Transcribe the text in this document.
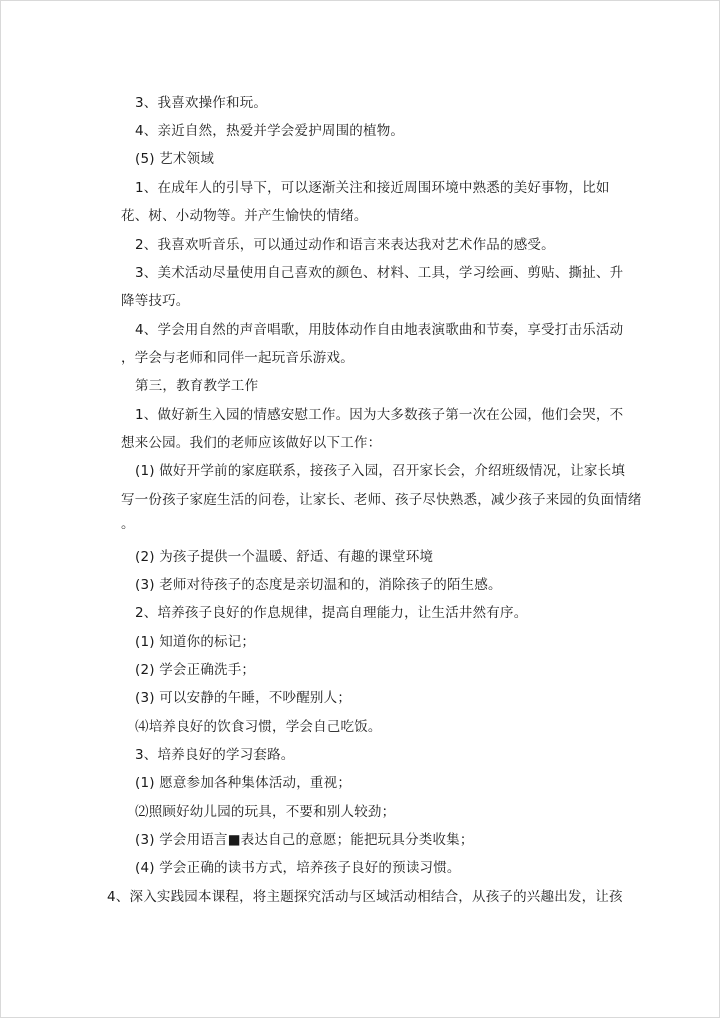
3、我喜欢操作和玩。
4、亲近自然，热爱并学会爱护周围的植物。
(5) 艺术领域
1、在成年人的引导下，可以逐渐关注和接近周围环境中熟悉的美好事物，比如
花、树、小动物等。并产生愉快的情绪。
2、我喜欢听音乐，可以通过动作和语言来表达我对艺术作品的感受。
3、美术活动尽量使用自己喜欢的颜色、材料、工具，学习绘画、剪贴、撕扯、升
降等技巧。
4、学会用自然的声音唱歌，用肢体动作自由地表演歌曲和节奏，享受打击乐活动
，学会与老师和同伴一起玩音乐游戏。
第三，教育教学工作
1、做好新生入园的情感安慰工作。因为大多数孩子第一次在公园，他们会哭，不
想来公园。我们的老师应该做好以下工作：
(1) 做好开学前的家庭联系，接孩子入园，召开家长会，介绍班级情况，让家长填
写一份孩子家庭生活的问卷，让家长、老师、孩子尽快熟悉，减少孩子来园的负面情绪
。
(2) 为孩子提供一个温暖、舒适、有趣的课堂环境
(3) 老师对待孩子的态度是亲切温和的，消除孩子的陌生感。
2、培养孩子良好的作息规律，提高自理能力，让生活井然有序。
(1) 知道你的标记；
(2) 学会正确洗手；
(3) 可以安静的午睡，不吵醒别人；
⑷培养良好的饮食习惯，学会自己吃饭。
3、培养良好的学习套路。
(1) 愿意参加各种集体活动，重视；
⑵照顾好幼儿园的玩具，不要和别人较劲；
(3) 学会用语言■表达自己的意愿；能把玩具分类收集；
(4) 学会正确的读书方式，培养孩子良好的预读习惯。
4、深入实践园本课程，将主题探究活动与区域活动相结合，从孩子的兴趣出发，让孩
